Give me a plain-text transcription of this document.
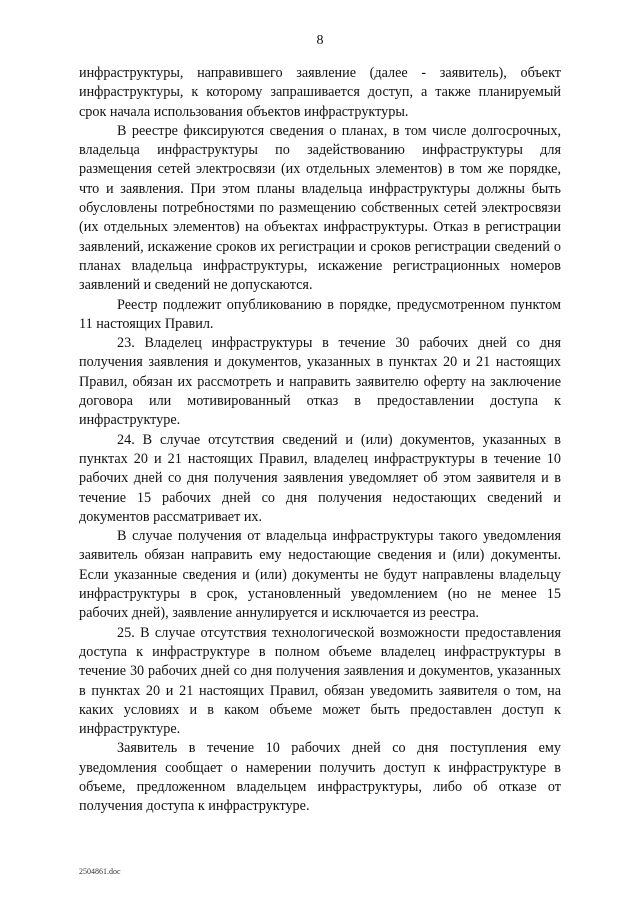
8

инфраструктуры, направившего заявление (далее - заявитель), объект инфраструктуры, к которому запрашивается доступ, а также планируемый срок начала использования объектов инфраструктуры.

В реестре фиксируются сведения о планах, в том числе долгосрочных, владельца инфраструктуры по задействованию инфраструктуры для размещения сетей электросвязи (их отдельных элементов) в том же порядке, что и заявления. При этом планы владельца инфраструктуры должны быть обусловлены потребностями по размещению собственных сетей электросвязи (их отдельных элементов) на объектах инфраструктуры. Отказ в регистрации заявлений, искажение сроков их регистрации и сроков регистрации сведений о планах владельца инфраструктуры, искажение регистрационных номеров заявлений и сведений не допускаются.

Реестр подлежит опубликованию в порядке, предусмотренном пунктом 11 настоящих Правил.

23. Владелец инфраструктуры в течение 30 рабочих дней со дня получения заявления и документов, указанных в пунктах 20 и 21 настоящих Правил, обязан их рассмотреть и направить заявителю оферту на заключение договора или мотивированный отказ в предоставлении доступа к инфраструктуре.

24. В случае отсутствия сведений и (или) документов, указанных в пунктах 20 и 21 настоящих Правил, владелец инфраструктуры в течение 10 рабочих дней со дня получения заявления уведомляет об этом заявителя и в течение 15 рабочих дней со дня получения недостающих сведений и документов рассматривает их.

В случае получения от владельца инфраструктуры такого уведомления заявитель обязан направить ему недостающие сведения и (или) документы. Если указанные сведения и (или) документы не будут направлены владельцу инфраструктуры в срок, установленный уведомлением (но не менее 15 рабочих дней), заявление аннулируется и исключается из реестра.

25. В случае отсутствия технологической возможности предоставления доступа к инфраструктуре в полном объеме владелец инфраструктуры в течение 30 рабочих дней со дня получения заявления и документов, указанных в пунктах 20 и 21 настоящих Правил, обязан уведомить заявителя о том, на каких условиях и в каком объеме может быть предоставлен доступ к инфраструктуре.

Заявитель в течение 10 рабочих дней со дня поступления ему уведомления сообщает о намерении получить доступ к инфраструктуре в объеме, предложенном владельцем инфраструктуры, либо об отказе от получения доступа к инфраструктуре.

2504861.doc
